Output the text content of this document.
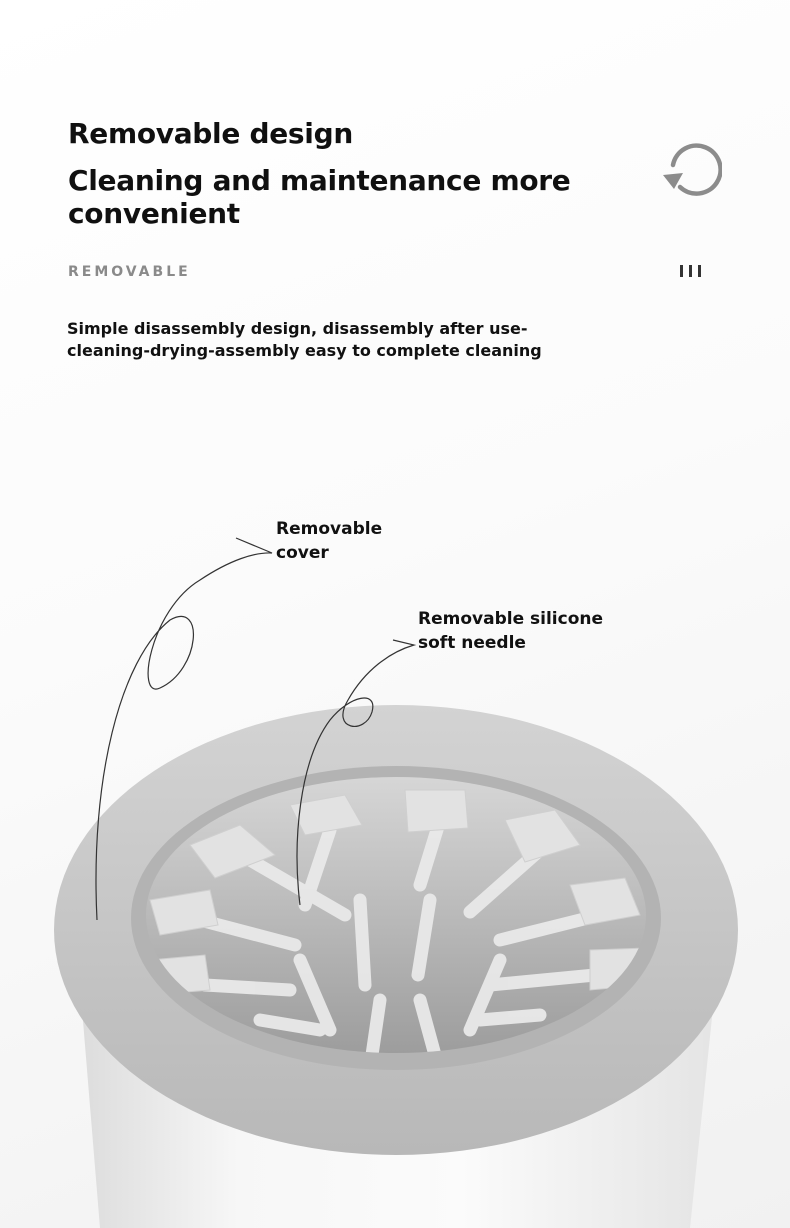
Removable design
Cleaning and maintenance more convenient
REMOVABLE
Simple disassembly design, disassembly after use-
cleaning-drying-assembly easy to complete cleaning
Removable
cover
Removable silicone
soft needle
